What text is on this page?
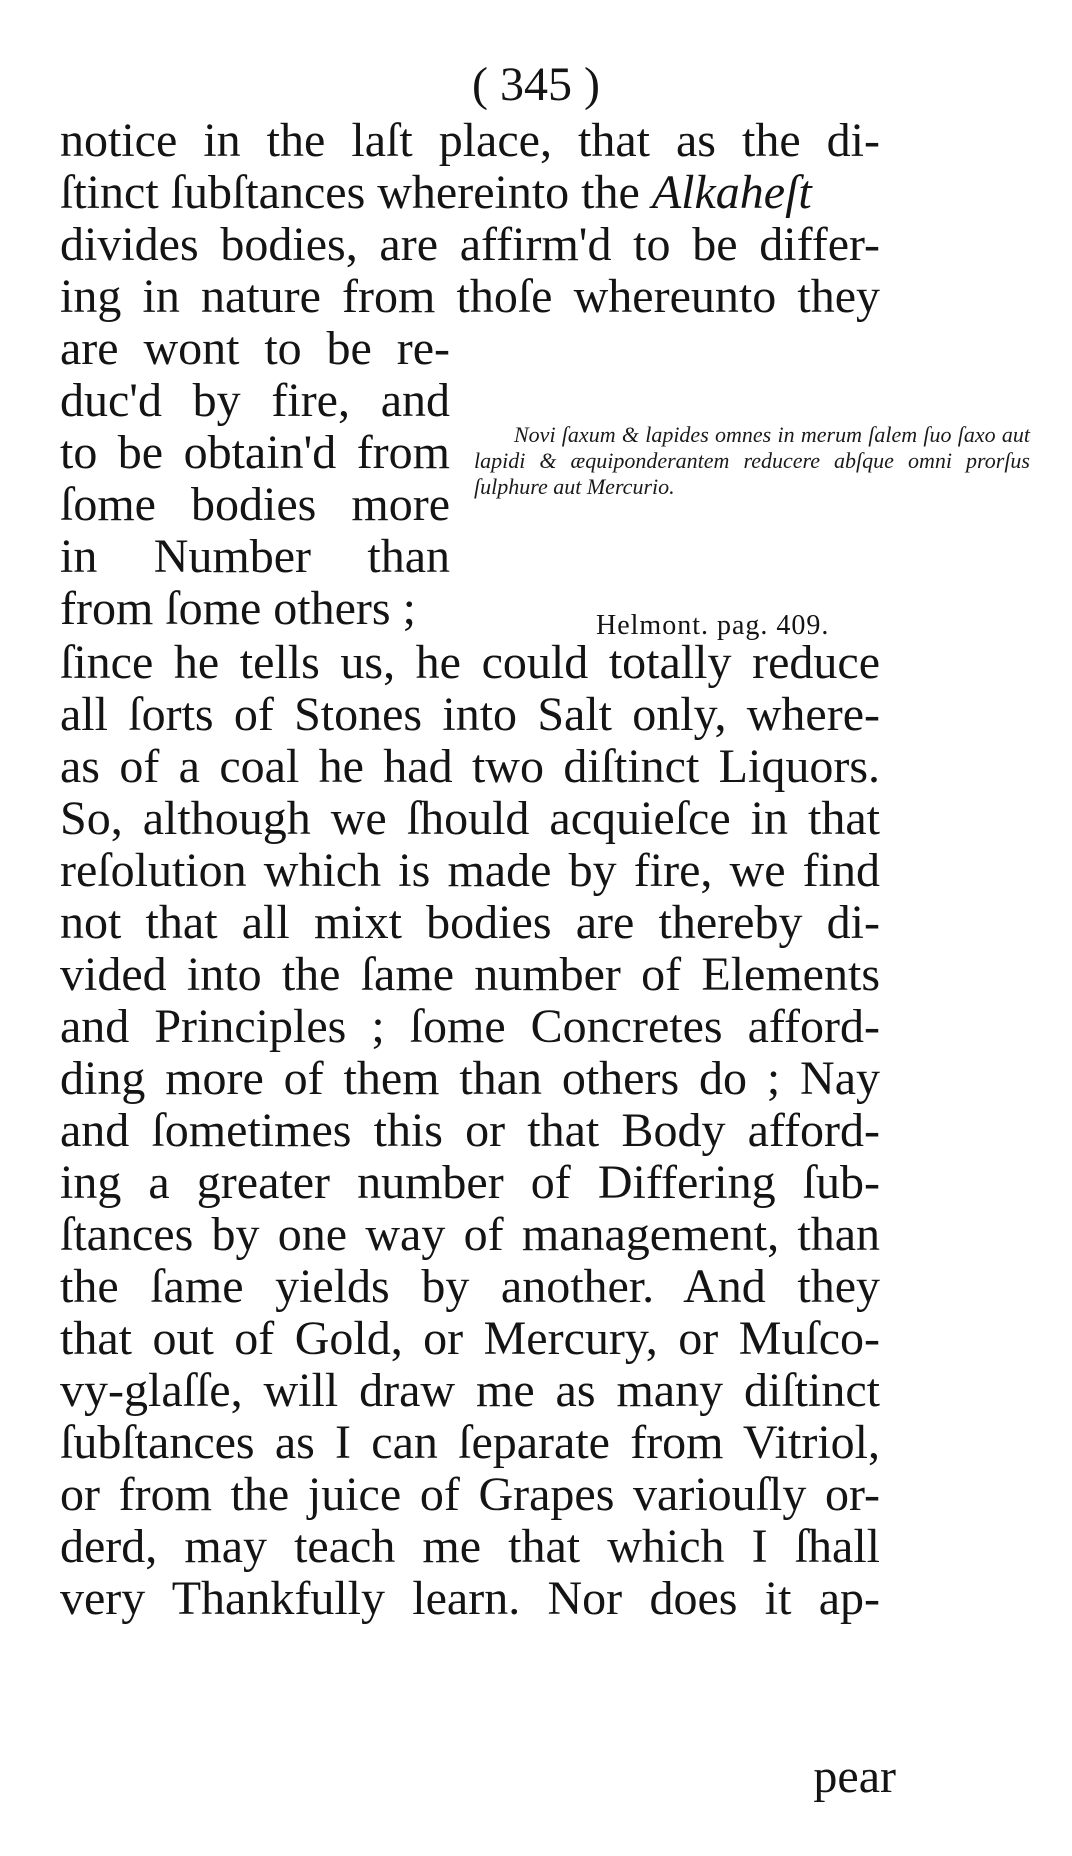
( 345 )
notice in the laſt place, that as the di-
ſtinct ſubſtances whereinto the Alkaheſt
divides bodies, are affirm'd to be differ-
ing in nature from thoſe whereunto they
are wont to be re-
duc'd by fire, and
to be obtain'd from
ſome bodies more
in Number than
from ſome others ;
Novi ſaxum & lapides omnes in merum ſalem ſuo ſaxo aut lapidi & æquiponderantem reducere abſque omni prorſus ſulphure aut Mercurio.
Helmont. pag. 409.
ſince he tells us, he could totally reduce
all ſorts of Stones into Salt only, where-
as of a coal he had two diſtinct Liquors.
So, although we ſhould acquieſce in that
reſolution which is made by fire, we find
not that all mixt bodies are thereby di-
vided into the ſame number of Elements
and Principles ; ſome Concretes afford-
ding more of them than others do ; Nay
and ſometimes this or that Body afford-
ing a greater number of Differing ſub-
ſtances by one way of management, than
the ſame yields by another. And they
that out of Gold, or Mercury, or Muſco-
vy-glaſſe, will draw me as many diſtinct
ſubſtances as I can ſeparate from Vitriol,
or from the juice of Grapes variouſly or-
derd, may teach me that which I ſhall
very Thankfully learn. Nor does it ap-
pear
